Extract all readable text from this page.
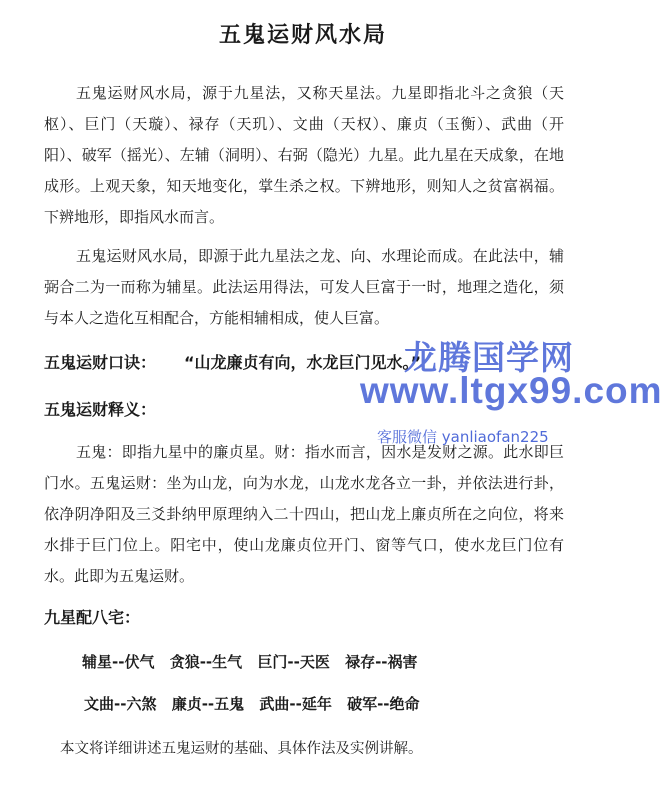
五鬼运财风水局

五鬼运财风水局，源于九星法，又称天星法。九星即指北斗之贪狼（天枢）、巨门（天璇）、禄存（天玑）、文曲（天权）、廉贞（玉衡）、武曲（开阳）、破军（摇光）、左辅（洞明）、右弼（隐光）九星。此九星在天成象，在地成形。上观天象，知天地变化，掌生杀之权。下辨地形，则知人之贫富祸福。下辨地形，即指风水而言。

五鬼运财风水局，即源于此九星法之龙、向、水理论而成。在此法中，辅弼合二为一而称为辅星。此法运用得法，可发人巨富于一时，地理之造化，须与本人之造化互相配合，方能相辅相成，使人巨富。

五鬼运财口诀： “山龙廉贞有向，水龙巨门见水。”
五鬼运财释义：

五鬼：即指九星中的廉贞星。财：指水而言，因水是发财之源。此水即巨门水。五鬼运财：坐为山龙，向为水龙，山龙水龙各立一卦，并依法进行卦，依净阴净阳及三爻卦纳甲原理纳入二十四山，把山龙上廉贞所在之向位，将来水排于巨门位上。阳宅中，使山龙廉贞位开门、窗等气口，使水龙巨门位有水。此即为五鬼运财。

九星配八宅：
辅星--伏气 贪狼--生气 巨门--天医 禄存--祸害
文曲--六煞 廉贞--五鬼 武曲--延年 破军--绝命
本文将详细讲述五鬼运财的基础、具体作法及实例讲解。
龙腾国学网
www.ltgx99.com
客服微信 yanliaofan225
